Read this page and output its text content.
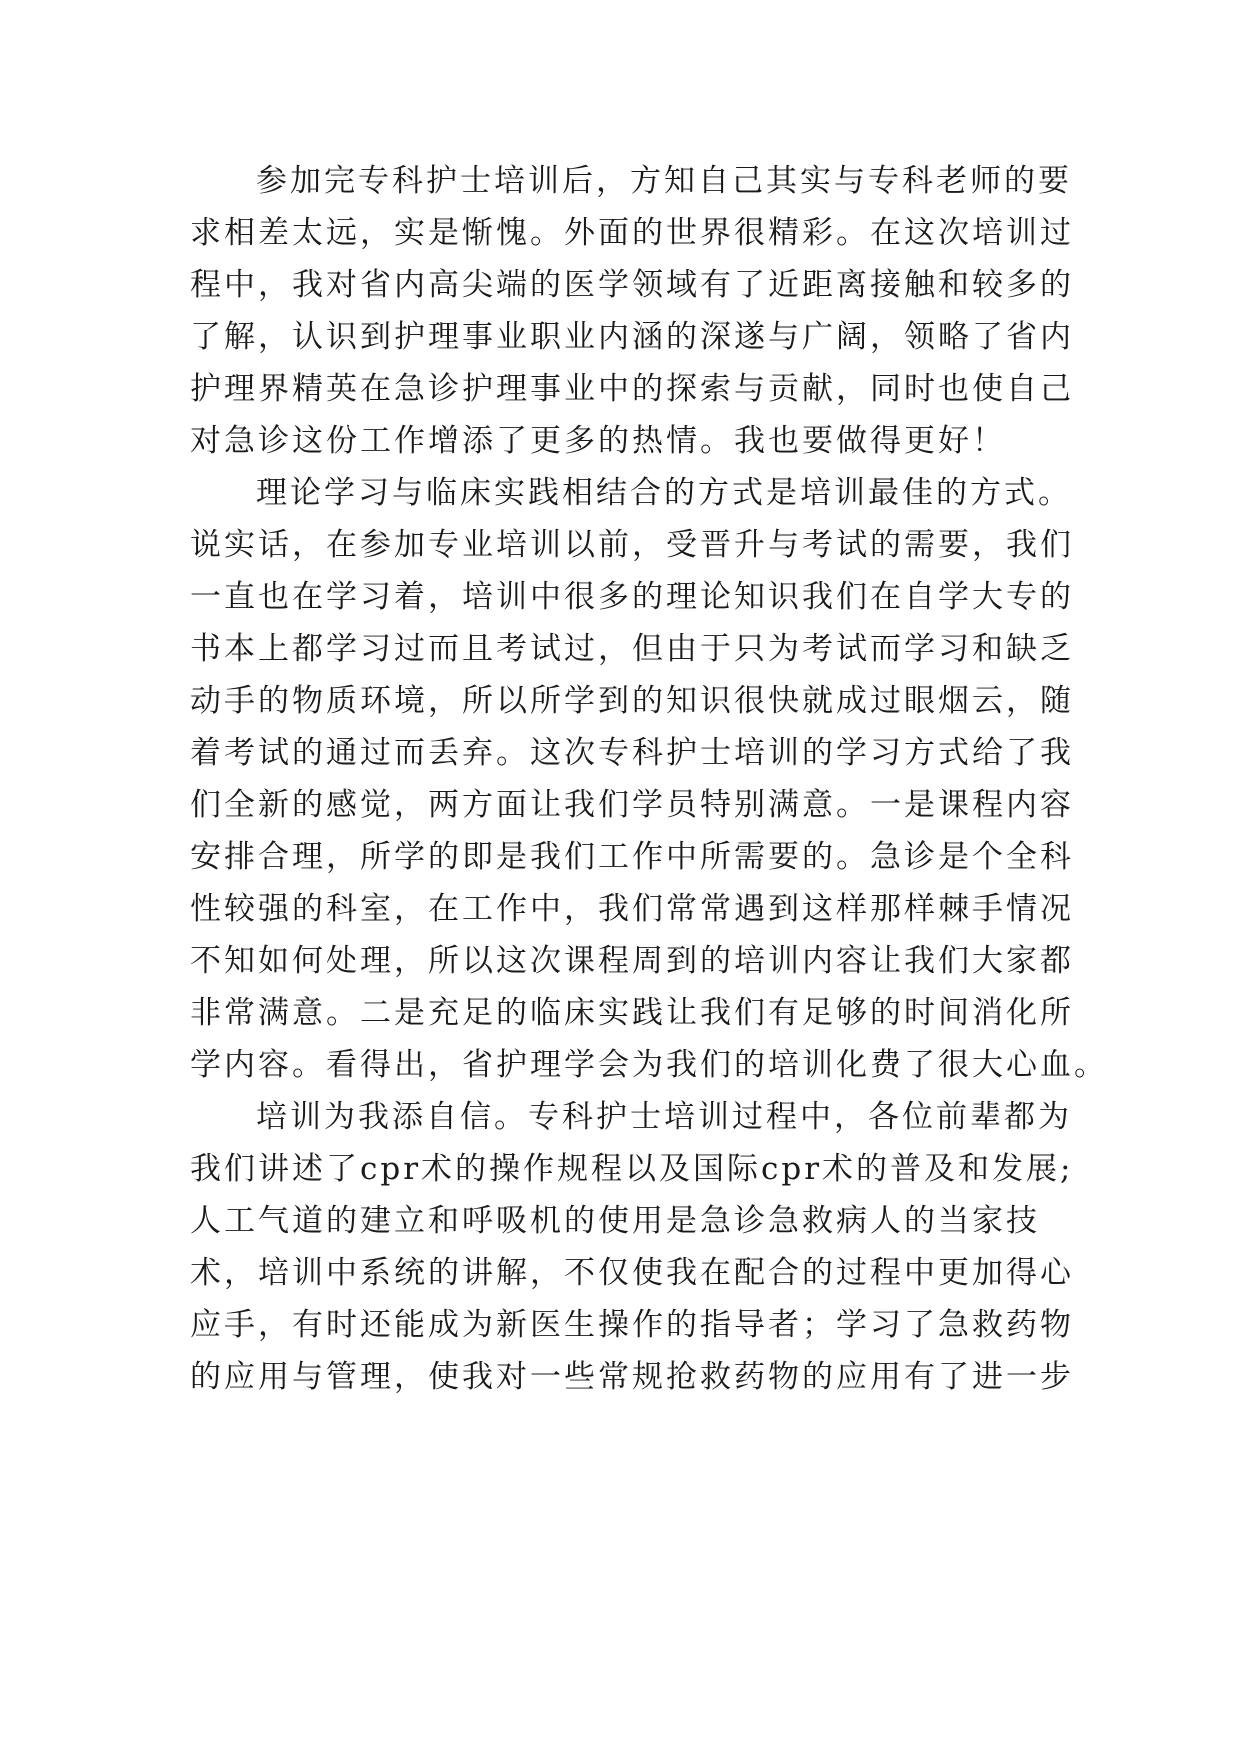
参加完专科护士培训后，方知自己其实与专科老师的要
求相差太远，实是惭愧。外面的世界很精彩。在这次培训过
程中，我对省内高尖端的医学领域有了近距离接触和较多的
了解，认识到护理事业职业内涵的深遂与广阔，领略了省内
护理界精英在急诊护理事业中的探索与贡献，同时也使自己
对急诊这份工作增添了更多的热情。我也要做得更好！
理论学习与临床实践相结合的方式是培训最佳的方式。
说实话，在参加专业培训以前，受晋升与考试的需要，我们
一直也在学习着，培训中很多的理论知识我们在自学大专的
书本上都学习过而且考试过，但由于只为考试而学习和缺乏
动手的物质环境，所以所学到的知识很快就成过眼烟云，随
着考试的通过而丢弃。这次专科护士培训的学习方式给了我
们全新的感觉，两方面让我们学员特别满意。一是课程内容
安排合理，所学的即是我们工作中所需要的。急诊是个全科
性较强的科室，在工作中，我们常常遇到这样那样棘手情况
不知如何处理，所以这次课程周到的培训内容让我们大家都
非常满意。二是充足的临床实践让我们有足够的时间消化所
学内容。看得出，省护理学会为我们的培训化费了很大心血。
培训为我添自信。专科护士培训过程中，各位前辈都为
我们讲述了cpr术的操作规程以及国际cpr术的普及和发展;
人工气道的建立和呼吸机的使用是急诊急救病人的当家技
术，培训中系统的讲解，不仅使我在配合的过程中更加得心
应手，有时还能成为新医生操作的指导者；学习了急救药物
的应用与管理，使我对一些常规抢救药物的应用有了进一步
